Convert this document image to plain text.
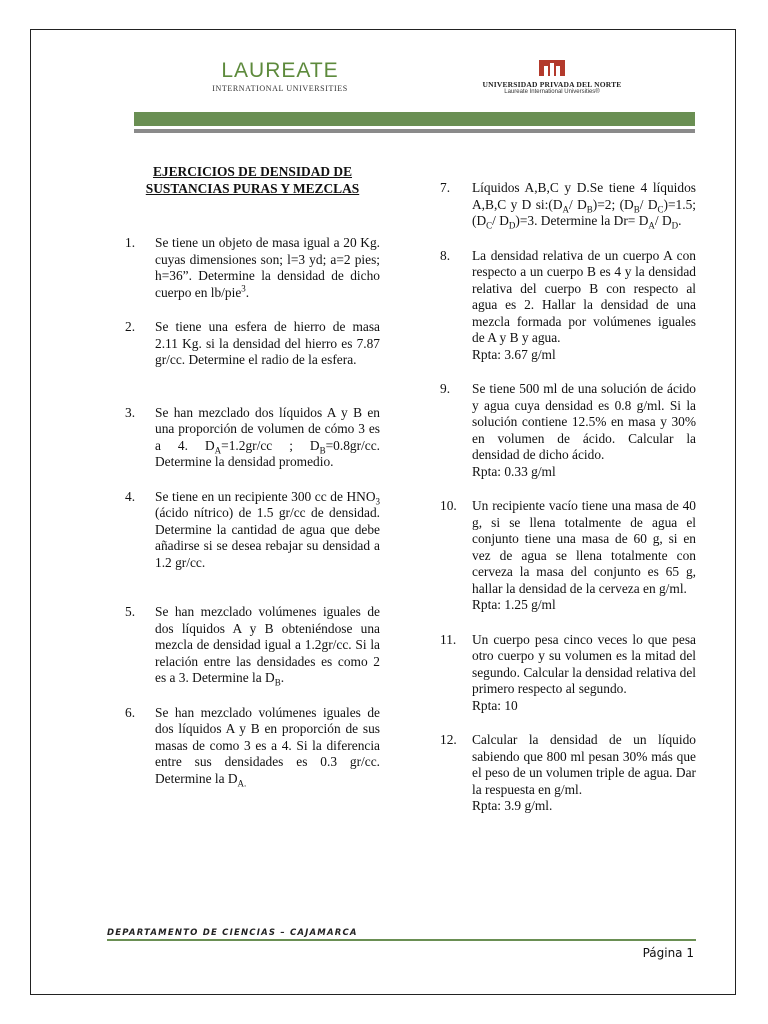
LAUREATE
INTERNATIONAL UNIVERSITIES	UNIVERSIDAD PRIVADA DEL NORTE
Laureate International Universities®
EJERCICIOS DE DENSIDAD DE
SUSTANCIAS PURAS Y MEZCLAS
1.	Se tiene un objeto de masa igual a 20 Kg. cuyas dimensiones son; l=3 yd; a=2 pies; h=36”. Determine la densidad de dicho cuerpo en lb/pie$^3$.
2.	Se tiene una esfera de hierro de masa 2.11 Kg. si la densidad del hierro es 7.87 gr/cc. Determine el radio de la esfera.
3.	Se han mezclado dos líquidos A y B en una proporción de volumen de cómo 3 es a 4. $D_A=1.2gr/cc$ ; $D_B=0.8gr/cc$. Determine la densidad promedio.
4.	Se tiene en un recipiente 300 cc de $HNO_3$ (ácido nítrico) de 1.5 gr/cc de densidad. Determine la cantidad de agua que debe añadirse si se desea rebajar su densidad a 1.2 gr/cc.
5.	Se han mezclado volúmenes iguales de dos líquidos A y B obteniéndose una mezcla de densidad igual a 1.2gr/cc. Si la relación entre las densidades es como 2 es a 3. Determine la $D_B$.
6.	Se han mezclado volúmenes iguales de dos líquidos A y B en proporción de sus masas de como 3 es a 4. Si la diferencia entre sus densidades es 0.3 gr/cc. Determine la $D_{A.}$
7.	Líquidos A,B,C y D.Se tiene 4 líquidos A,B,C y D $si:(D_A/$ $D_B)=2$; ($D_B/$ $D_C)=1.5$; ($D_C/$ $D_D)=3$. Determine la $Dr= D_A/$ $D_D$.
8.	La densidad relativa de un cuerpo A con respecto a un cuerpo B es 4 y la densidad relativa del cuerpo B con respecto al agua es 2. Hallar la densidad de una mezcla formada por volúmenes iguales de A y B y agua.
Rpta: 3.67 g/ml
9.	Se tiene 500 ml de una solución de ácido y agua cuya densidad es 0.8 g/ml. Si la solución contiene 12.5% en masa y 30% en volumen de ácido. Calcular la densidad de dicho ácido.
Rpta: 0.33 g/ml
10.	Un recipiente vacío tiene una masa de 40 g, si se llena totalmente de agua el conjunto tiene una masa de 60 g, si en vez de agua se llena totalmente con cerveza la masa del conjunto es 65 g, hallar la densidad de la cerveza en g/ml.
Rpta: 1.25 g/ml
11.	Un cuerpo pesa cinco veces lo que pesa otro cuerpo y su volumen es la mitad del segundo. Calcular la densidad relativa del primero respecto al segundo.
Rpta: 10
12.	Calcular la densidad de un líquido sabiendo que 800 ml pesan 30% más que el peso de un volumen triple de agua. Dar la respuesta en g/ml.
Rpta: 3.9 g/ml.
DEPARTAMENTO DE CIENCIAS – CAJAMARCA
Página 1
